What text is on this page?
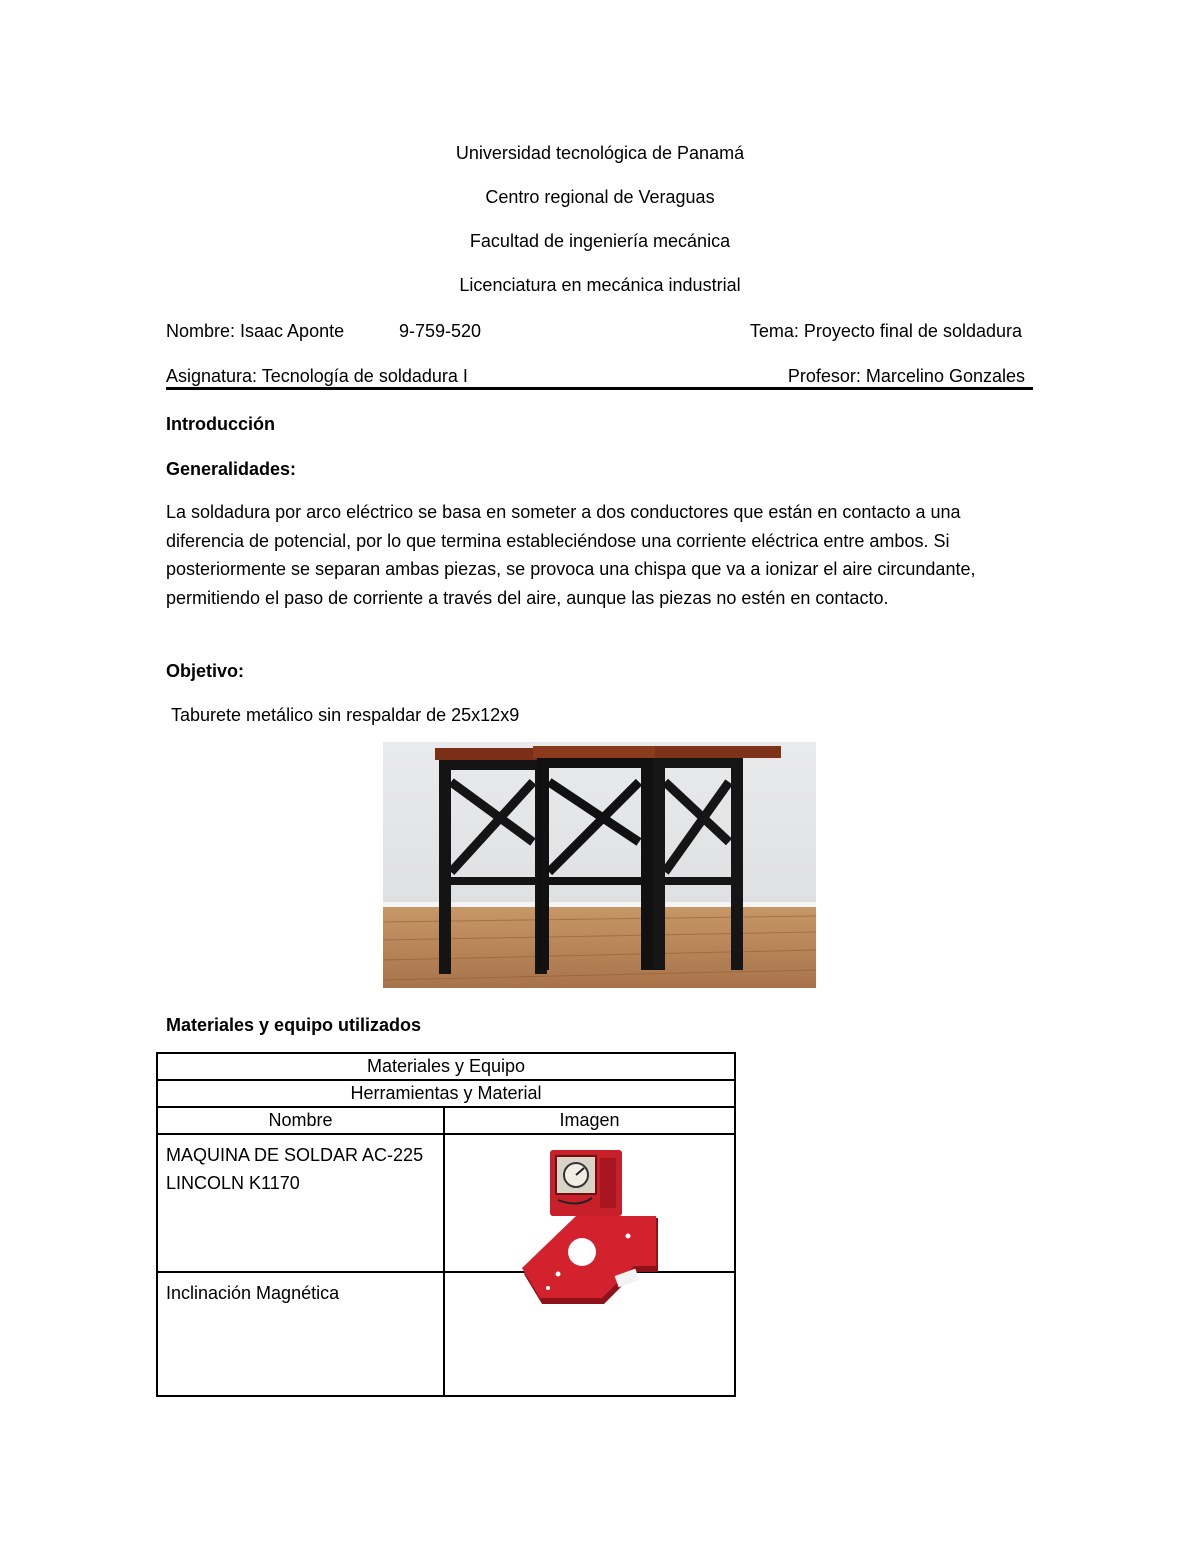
Universidad tecnológica de Panamá
Centro regional de Veraguas
Facultad de ingeniería mecánica
Licenciatura en mecánica industrial
Nombre: Isaac Aponte	9-759-520	Tema: Proyecto final de soldadura
Asignatura: Tecnología de soldadura I	Profesor: Marcelino Gonzales
Introducción
Generalidades:
La soldadura por arco eléctrico se basa en someter a dos conductores que están en contacto a una diferencia de potencial, por lo que termina estableciéndose una corriente eléctrica entre ambos. Si posteriormente se separan ambas piezas, se provoca una chispa que va a ionizar el aire circundante, permitiendo el paso de corriente a través del aire, aunque las piezas no estén en contacto.
Objetivo:
Taburete metálico sin respaldar de 25x12x9
Materiales y equipo utilizados
Materiales y Equipo	
Herramientas y Material	
Nombre	Imagen
MAQUINA DE SOLDAR AC-225 LINCOLN K1170	
Inclinación Magnética	
